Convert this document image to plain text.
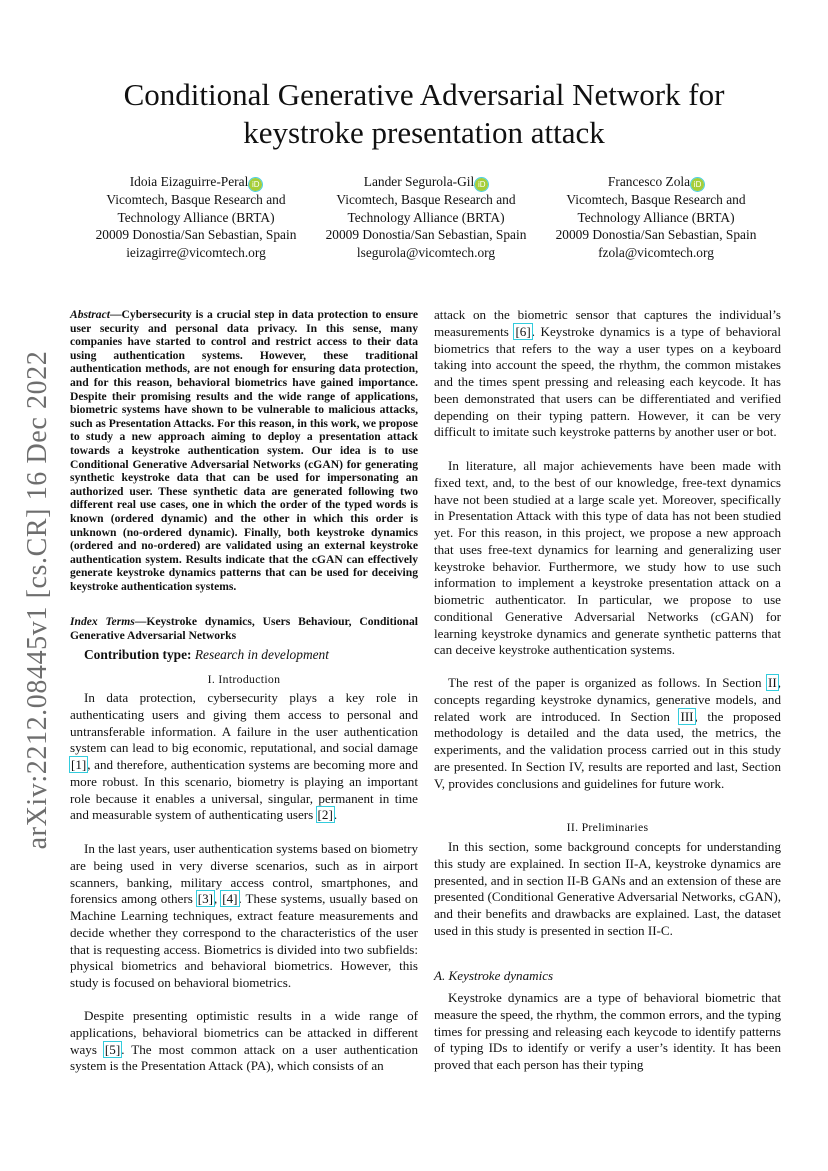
arXiv:2212.08445v1 [cs.CR] 16 Dec 2022
Conditional Generative Adversarial Network for keystroke presentation attack
Idoia Eizaguirre-Peral iD
Vicomtech, Basque Research and
Technology Alliance (BRTA)
20009 Donostia/San Sebastian, Spain
ieizagirre@vicomtech.org
Lander Segurola-Gil iD
Vicomtech, Basque Research and
Technology Alliance (BRTA)
20009 Donostia/San Sebastian, Spain
lsegurola@vicomtech.org
Francesco Zola iD
Vicomtech, Basque Research and
Technology Alliance (BRTA)
20009 Donostia/San Sebastian, Spain
fzola@vicomtech.org
Abstract—Cybersecurity is a crucial step in data protection to ensure user security and personal data privacy. In this sense, many companies have started to control and restrict access to their data using authentication systems. However, these traditional authentication methods, are not enough for ensuring data protection, and for this reason, behavioral biometrics have gained importance. Despite their promising results and the wide range of applications, biometric systems have shown to be vulnerable to malicious attacks, such as Presentation Attacks. For this reason, in this work, we propose to study a new approach aiming to deploy a presentation attack towards a keystroke authentication system. Our idea is to use Conditional Generative Adversarial Networks (cGAN) for generating synthetic keystroke data that can be used for impersonating an authorized user. These synthetic data are generated following two different real use cases, one in which the order of the typed words is known (ordered dynamic) and the other in which this order is unknown (no-ordered dynamic). Finally, both keystroke dynamics (ordered and no-ordered) are validated using an external keystroke authentication system. Results indicate that the cGAN can effectively generate keystroke dynamics patterns that can be used for deceiving keystroke authentication systems.
Index Terms—Keystroke dynamics, Users Behaviour, Conditional Generative Adversarial Networks
Contribution type: Research in development
I. Introduction
In data protection, cybersecurity plays a key role in authenticating users and giving them access to personal and untransferable information. A failure in the user authentication system can lead to big economic, reputational, and social damage [1], and therefore, authentication systems are becoming more and more robust. In this scenario, biometry is playing an important role because it enables a universal, singular, permanent in time and measurable system of authenticating users [2].
In the last years, user authentication systems based on biometry are being used in very diverse scenarios, such as in airport scanners, banking, military access control, smartphones, and forensics among others [3], [4]. These systems, usually based on Machine Learning techniques, extract feature measurements and decide whether they correspond to the characteristics of the user that is requesting access. Biometrics is divided into two subfields: physical biometrics and behavioral biometrics. However, this study is focused on behavioral biometrics.
Despite presenting optimistic results in a wide range of applications, behavioral biometrics can be attacked in different ways [5]. The most common attack on a user authentication system is the Presentation Attack (PA), which consists of an
attack on the biometric sensor that captures the individual’s measurements [6]. Keystroke dynamics is a type of behavioral biometrics that refers to the way a user types on a keyboard taking into account the speed, the rhythm, the common mistakes and the times spent pressing and releasing each keycode. It has been demonstrated that users can be differentiated and verified depending on their typing pattern. However, it can be very difficult to imitate such keystroke patterns by another user or bot.
In literature, all major achievements have been made with fixed text, and, to the best of our knowledge, free-text dynamics have not been studied at a large scale yet. Moreover, specifically in Presentation Attack with this type of data has not been studied yet. For this reason, in this project, we propose a new approach that uses free-text dynamics for learning and generalizing user keystroke behavior. Furthermore, we study how to use such information to implement a keystroke presentation attack on a biometric authenticator. In particular, we propose to use conditional Generative Adversarial Networks (cGAN) for learning keystroke dynamics and generate synthetic patterns that can deceive keystroke authentication systems.
The rest of the paper is organized as follows. In Section II, concepts regarding keystroke dynamics, generative models, and related work are introduced. In Section III, the proposed methodology is detailed and the data used, the metrics, the experiments, and the validation process carried out in this study are presented. In Section IV, results are reported and last, Section V, provides conclusions and guidelines for future work.
II. Preliminaries
In this section, some background concepts for understanding this study are explained. In section II-A, keystroke dynamics are presented, and in section II-B GANs and an extension of these are presented (Conditional Generative Adversarial Networks, cGAN), and their benefits and drawbacks are explained. Last, the dataset used in this study is presented in section II-C.
A. Keystroke dynamics
Keystroke dynamics are a type of behavioral biometric that measure the speed, the rhythm, the common errors, and the typing times for pressing and releasing each keycode to identify patterns of typing IDs to identify or verify a user’s identity. It has been proved that each person has their typing
